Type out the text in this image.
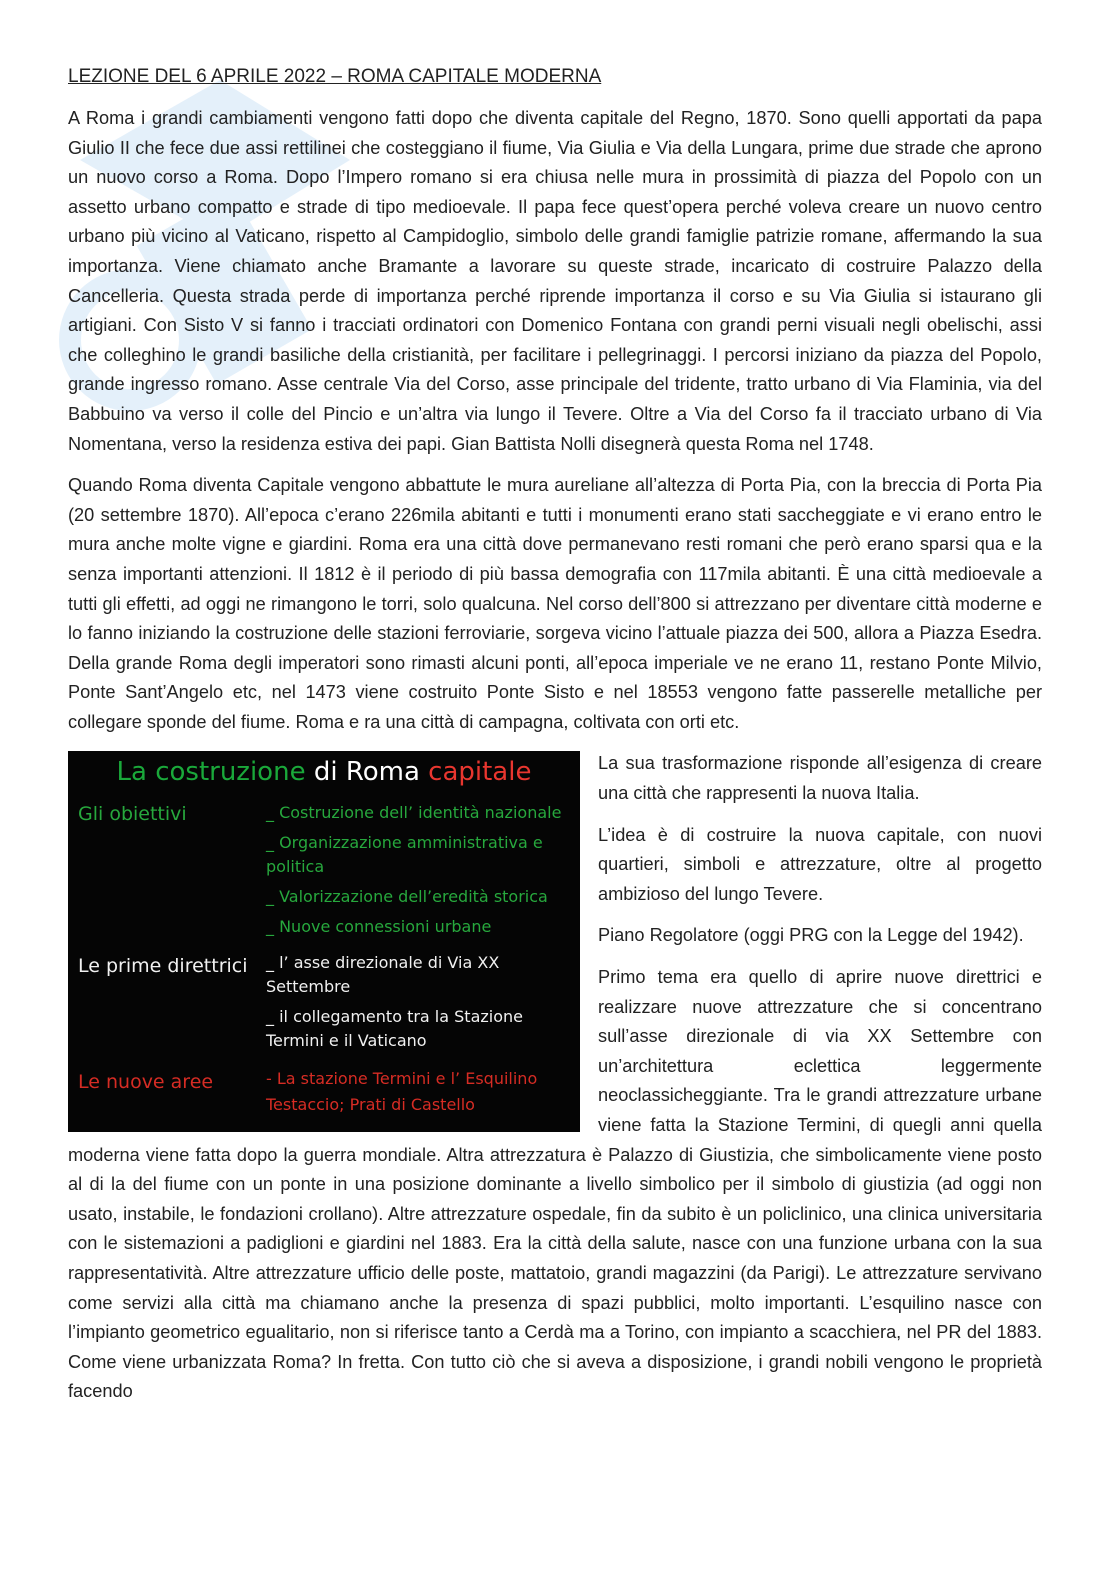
LEZIONE DEL 6 APRILE 2022 – ROMA CAPITALE MODERNA

A Roma i grandi cambiamenti vengono fatti dopo che diventa capitale del Regno, 1870. Sono quelli apportati da papa Giulio II che fece due assi rettilinei che costeggiano il fiume, Via Giulia e Via della Lungara, prime due strade che aprono un nuovo corso a Roma. Dopo l’Impero romano si era chiusa nelle mura in prossimità di piazza del Popolo con un assetto urbano compatto e strade di tipo medioevale. Il papa fece quest’opera perché voleva creare un nuovo centro urbano più vicino al Vaticano, rispetto al Campidoglio, simbolo delle grandi famiglie patrizie romane, affermando la sua importanza. Viene chiamato anche Bramante a lavorare su queste strade, incaricato di costruire Palazzo della Cancelleria. Questa strada perde di importanza perché riprende importanza il corso e su Via Giulia si istaurano gli artigiani. Con Sisto V si fanno i tracciati ordinatori con Domenico Fontana con grandi perni visuali negli obelischi, assi che colleghino le grandi basiliche della cristianità, per facilitare i pellegrinaggi. I percorsi iniziano da piazza del Popolo, grande ingresso romano. Asse centrale Via del Corso, asse principale del tridente, tratto urbano di Via Flaminia, via del Babbuino va verso il colle del Pincio e un’altra via lungo il Tevere. Oltre a Via del Corso fa il tracciato urbano di Via Nomentana, verso la residenza estiva dei papi. Gian Battista Nolli disegnerà questa Roma nel 1748.

Quando Roma diventa Capitale vengono abbattute le mura aureliane all’altezza di Porta Pia, con la breccia di Porta Pia (20 settembre 1870). All’epoca c’erano 226mila abitanti e tutti i monumenti erano stati saccheggiate e vi erano entro le mura anche molte vigne e giardini. Roma era una città dove permanevano resti romani che però erano sparsi qua e la senza importanti attenzioni. Il 1812 è il periodo di più bassa demografia con 117mila abitanti. È una città medioevale a tutti gli effetti, ad oggi ne rimangono le torri, solo qualcuna. Nel corso dell’800 si attrezzano per diventare città moderne e lo fanno iniziando la costruzione delle stazioni ferroviarie, sorgeva vicino l’attuale piazza dei 500, allora a Piazza Esedra. Della grande Roma degli imperatori sono rimasti alcuni ponti, all’epoca imperiale ve ne erano 11, restano Ponte Milvio, Ponte Sant’Angelo etc, nel 1473 viene costruito Ponte Sisto e nel 18553 vengono fatte passerelle metalliche per collegare sponde del fiume. Roma e ra una città di campagna, coltivata con orti etc.

La costruzione di Roma capitale
Gli obiettivi	_ Costruzione dell’ identità nazionale
_ Organizzazione amministrativa e politica
_ Valorizzazione dell’eredità storica
_ Nuove connessioni urbane
Le prime direttrici _ l’ asse direzionale di Via XX Settembre
_ il collegamento tra la Stazione Termini e il Vaticano
Le nuove aree	- La stazione Termini e l’ Esquilino
Testaccio; Prati di Castello

La sua trasformazione risponde all’esigenza di creare una città che rappresenti la nuova Italia.

L’idea è di costruire la nuova capitale, con nuovi quartieri, simboli e attrezzature, oltre al progetto ambizioso del lungo Tevere.

Piano Regolatore (oggi PRG con la Legge del 1942).

Primo tema era quello di aprire nuove direttrici e realizzare nuove attrezzature che si concentrano sull’asse direzionale di via XX Settembre con un’architettura eclettica leggermente neoclassicheggiante. Tra le grandi attrezzature urbane viene fatta la Stazione Termini, di quegli anni quella moderna viene fatta dopo la guerra mondiale. Altra attrezzatura è Palazzo di Giustizia, che simbolicamente viene posto al di la del fiume con un ponte in una posizione dominante a livello simbolico per il simbolo di giustizia (ad oggi non usato, instabile, le fondazioni crollano). Altre attrezzature ospedale, fin da subito è un policlinico, una clinica universitaria con le sistemazioni a padiglioni e giardini nel 1883. Era la città della salute, nasce con una funzione urbana con la sua rappresentatività. Altre attrezzature ufficio delle poste, mattatoio, grandi magazzini (da Parigi). Le attrezzature servivano come servizi alla città ma chiamano anche la presenza di spazi pubblici, molto importanti. L’esquilino nasce con l’impianto geometrico egualitario, non si riferisce tanto a Cerdà ma a Torino, con impianto a scacchiera, nel PR del 1883. Come viene urbanizzata Roma? In fretta. Con tutto ciò che si aveva a disposizione, i grandi nobili vengono le proprietà facendo
